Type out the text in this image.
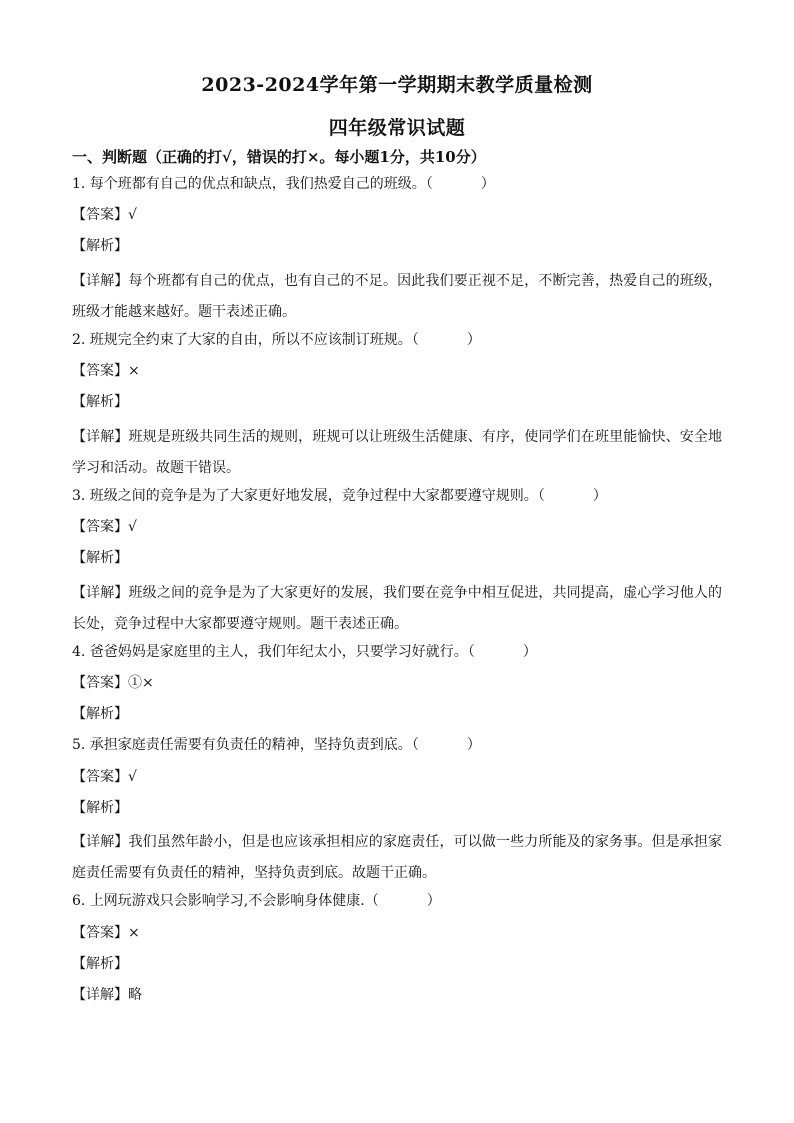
2023-2024学年第一学期期末教学质量检测
四年级常识试题
一、判断题（正确的打√，错误的打×。每小题1分，共10分）
1. 每个班都有自己的优点和缺点，我们热爱自己的班级。（	）
【答案】√
【解析】
【详解】每个班都有自己的优点，也有自己的不足。因此我们要正视不足，不断完善，热爱自己的班级，班级才能越来越好。题干表述正确。
2. 班规完全约束了大家的自由，所以不应该制订班规。（	）
【答案】×
【解析】
【详解】班规是班级共同生活的规则，班规可以让班级生活健康、有序，使同学们在班里能愉快、安全地学习和活动。故题干错误。
3. 班级之间的竞争是为了大家更好地发展，竞争过程中大家都要遵守规则。（	）
【答案】√
【解析】
【详解】班级之间的竞争是为了大家更好的发展，我们要在竞争中相互促进，共同提高，虚心学习他人的长处，竞争过程中大家都要遵守规则。题干表述正确。
4. 爸爸妈妈是家庭里的主人，我们年纪太小，只要学习好就行。（	）
【答案】①×
【解析】
5. 承担家庭责任需要有负责任的精神，坚持负责到底。（	）
【答案】√
【解析】
【详解】我们虽然年龄小，但是也应该承担相应的家庭责任，可以做一些力所能及的家务事。但是承担家庭责任需要有负责任的精神，坚持负责到底。故题干正确。
6. 上网玩游戏只会影响学习,不会影响身体健康.（	）
【答案】×
【解析】
【详解】略
